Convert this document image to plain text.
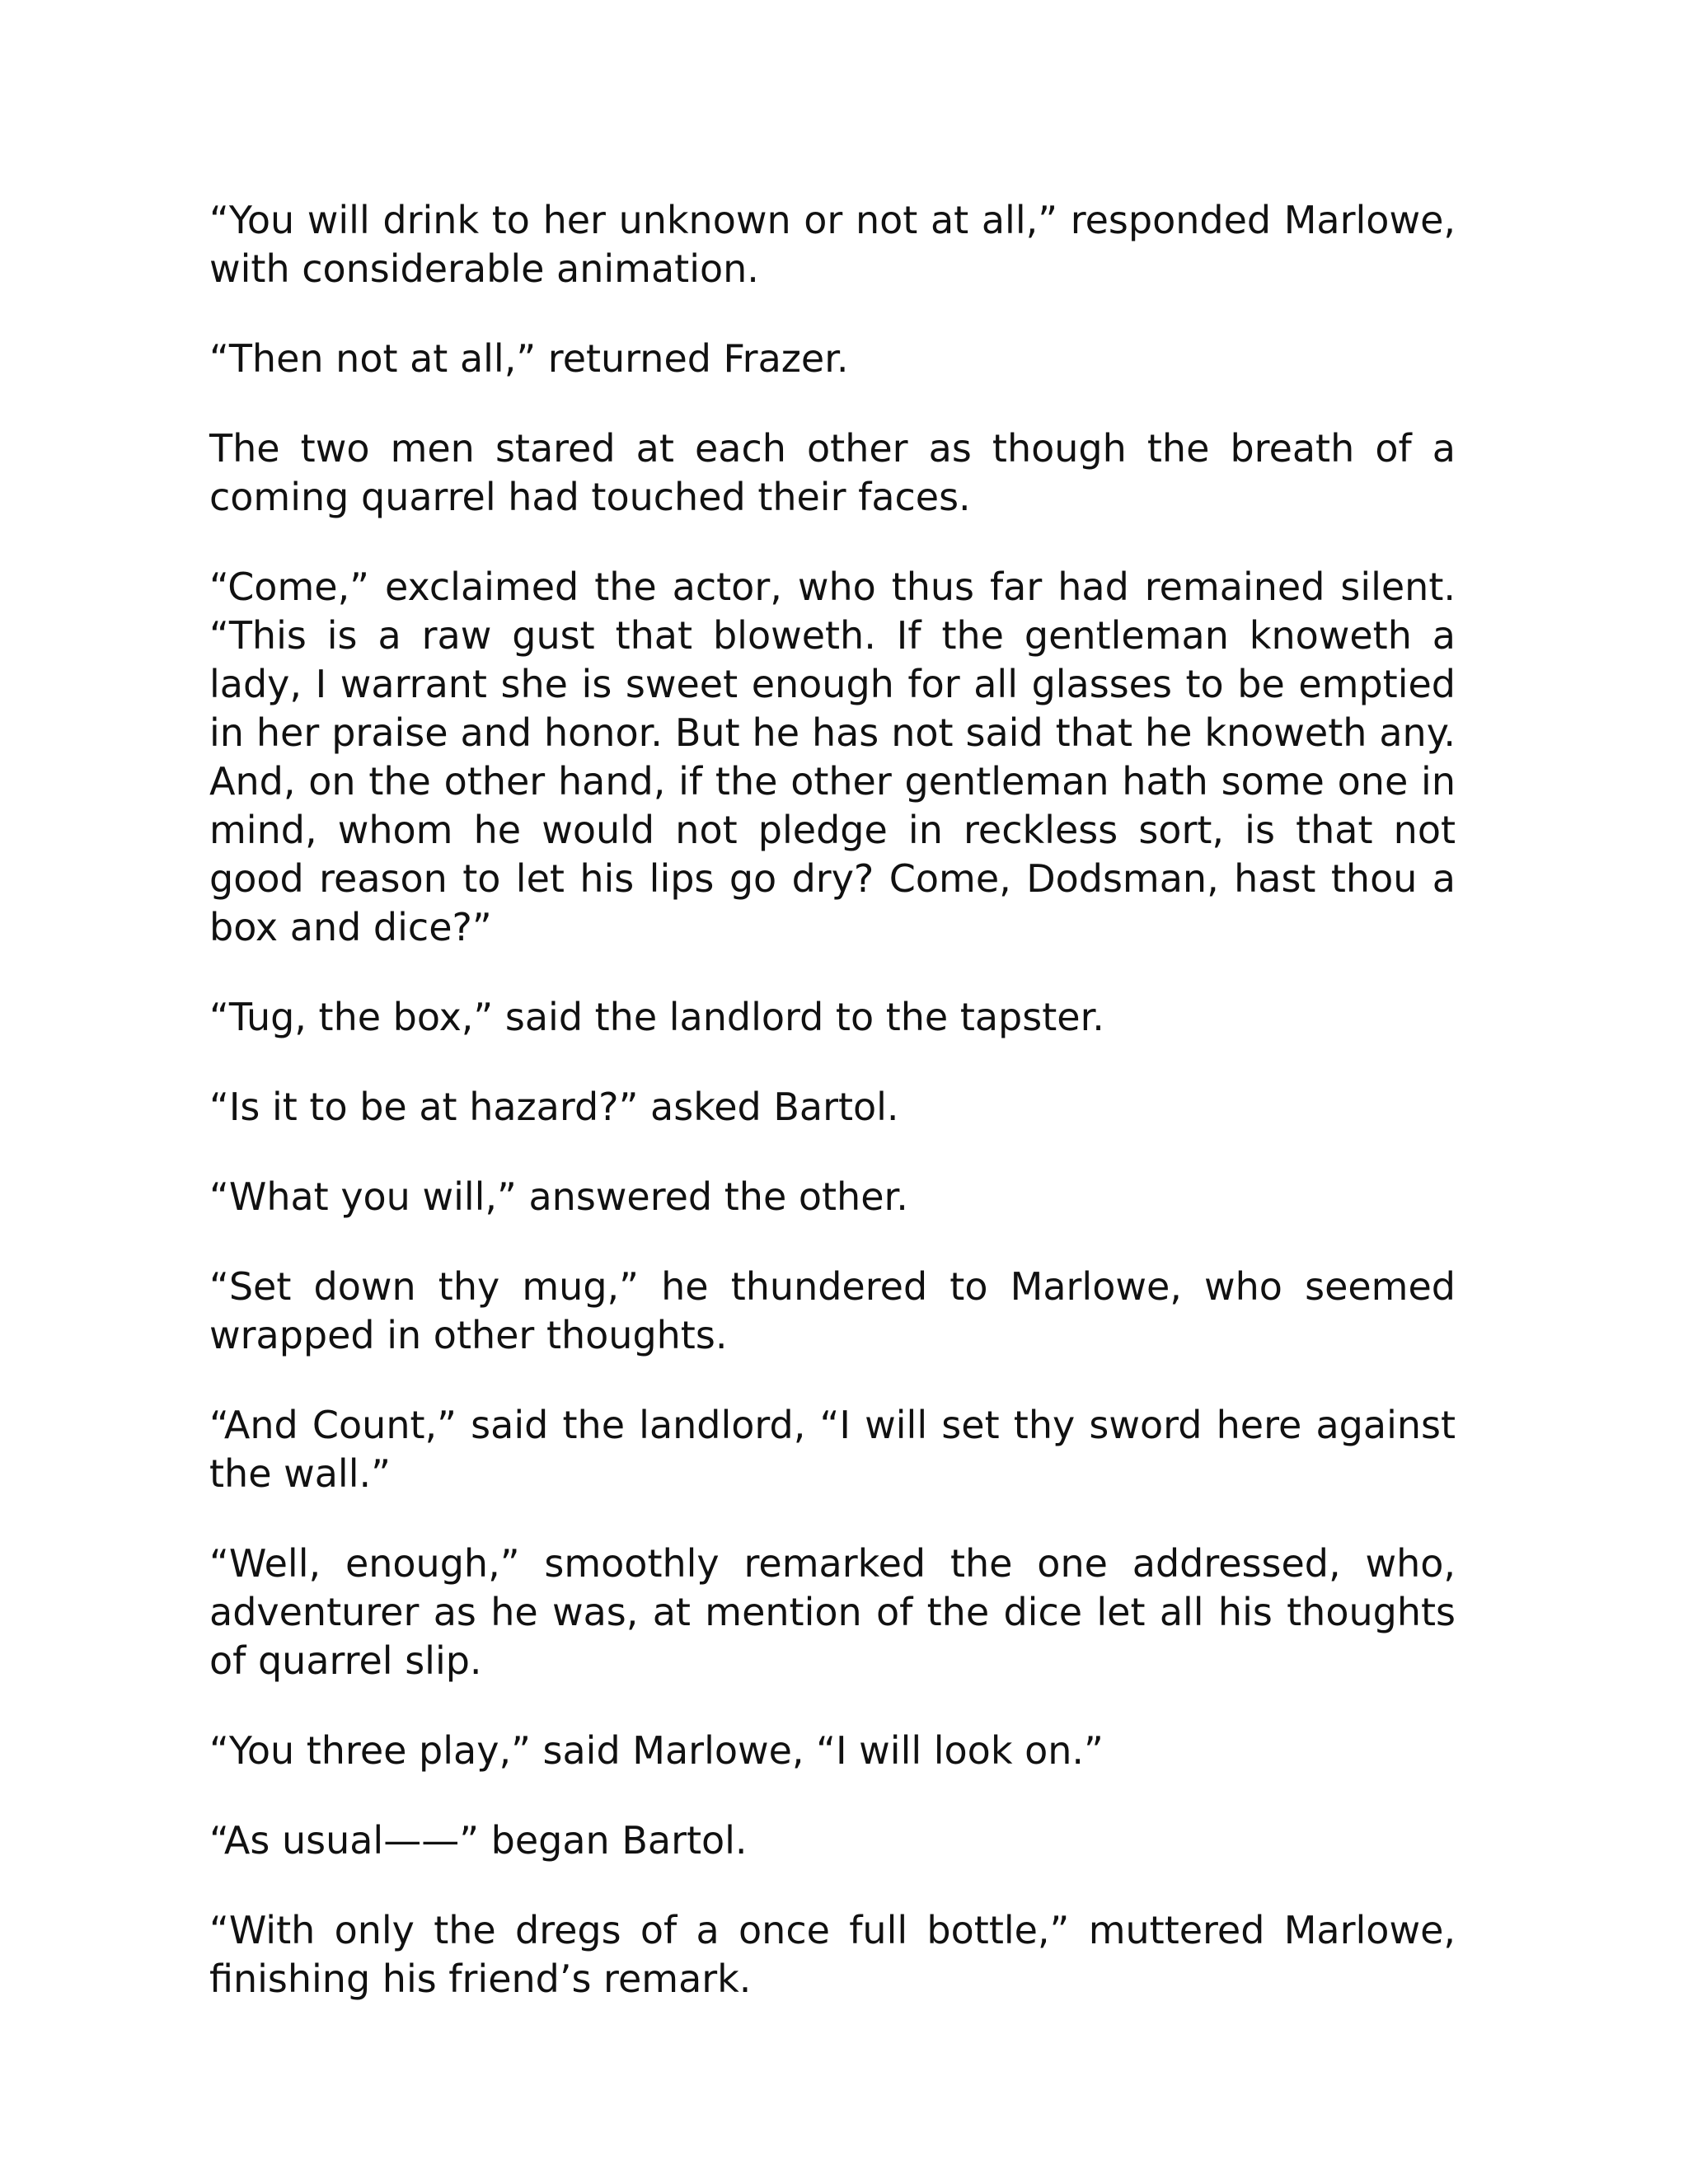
“You will drink to her unknown or not at all,” responded Marlowe, with considerable animation.

“Then not at all,” returned Frazer.

The two men stared at each other as though the breath of a coming quarrel had touched their faces.

“Come,” exclaimed the actor, who thus far had remained silent. “This is a raw gust that bloweth. If the gentleman knoweth a lady, I warrant she is sweet enough for all glasses to be emptied in her praise and honor. But he has not said that he knoweth any. And, on the other hand, if the other gentleman hath some one in mind, whom he would not pledge in reckless sort, is that not good reason to let his lips go dry? Come, Dodsman, hast thou a box and dice?”

“Tug, the box,” said the landlord to the tapster.

“Is it to be at hazard?” asked Bartol.

“What you will,” answered the other.

“Set down thy mug,” he thundered to Marlowe, who seemed wrapped in other thoughts.

“And Count,” said the landlord, “I will set thy sword here against the wall.”

“Well, enough,” smoothly remarked the one addressed, who, adventurer as he was, at mention of the dice let all his thoughts of quarrel slip.

“You three play,” said Marlowe, “I will look on.”

“As usual——” began Bartol.

“With only the dregs of a once full bottle,” muttered Marlowe, finishing his friend’s remark.
